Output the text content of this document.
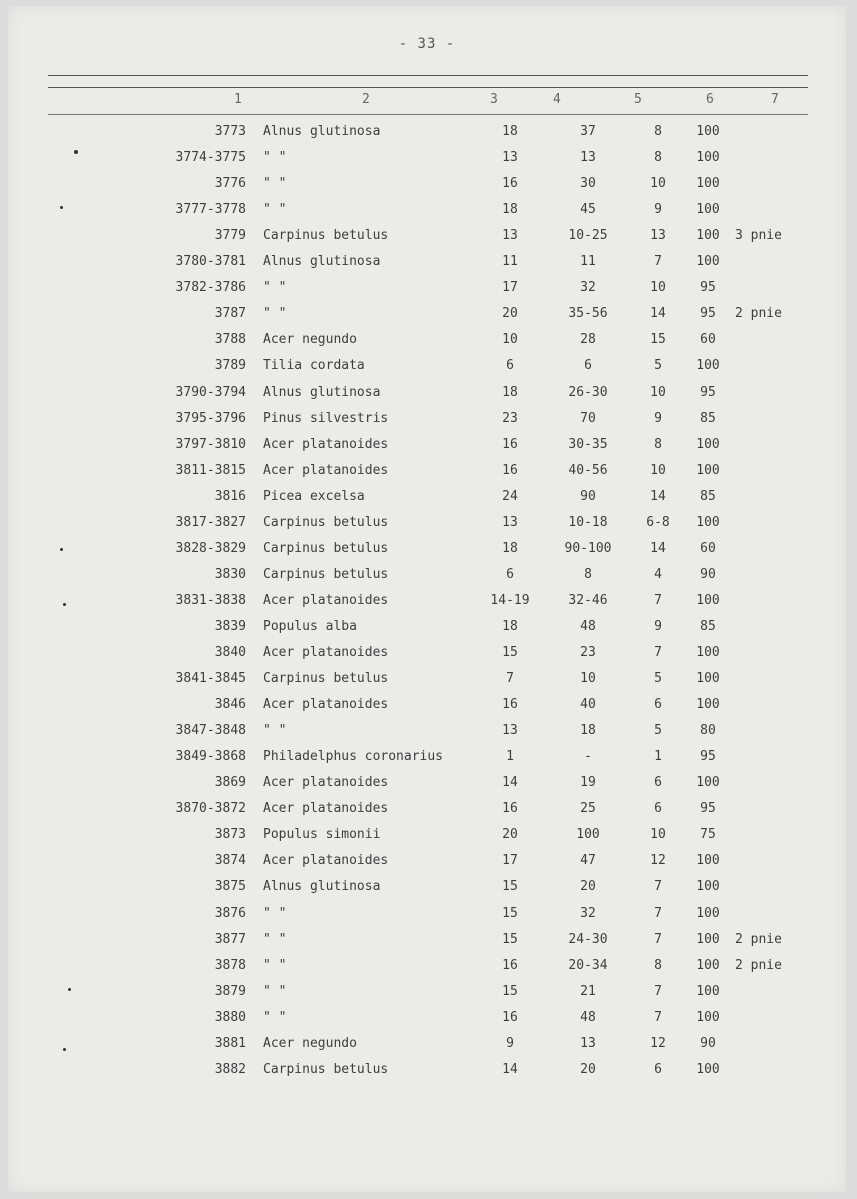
- 33 -
1	2	3	4	5	6	7
3773 Alnus glutinosa	18	37	8	100
3774-3775 " "	13	13	8	100
3776 " "	16	30	10	100
3777-3778 " "	18	45	9	100
3779 Carpinus betulus	13	10-25	13	100	3 pnie
3780-3781 Alnus glutinosa	11	11	7	100
3782-3786 " "	17	32	10	95
3787 " "	20	35-56	14	95	2 pnie
3788 Acer negundo	10	28	15	60
3789 Tilia cordata	6	6	5	100
3790-3794 Alnus glutinosa	18	26-30	10	95
3795-3796 Pinus silvestris	23	70	9	85
3797-3810 Acer platanoides	16	30-35	8	100
3811-3815 Acer platanoides	16	40-56	10	100
3816 Picea excelsa	24	90	14	85
3817-3827 Carpinus betulus	13	10-18	6-8	100
3828-3829 Carpinus betulus	18	90-100	14	60
3830 Carpinus betulus	6	8	4	90
3831-3838 Acer platanoides	14-19	32-46	7	100
3839 Populus alba	18	48	9	85
3840 Acer platanoides	15	23	7	100
3841-3845 Carpinus betulus	7	10	5	100
3846 Acer platanoides	16	40	6	100
3847-3848 " "	13	18	5	80
3849-3868 Philadelphus coronarius	1	-	1	95
3869 Acer platanoides	14	19	6	100
3870-3872 Acer platanoides	16	25	6	95
3873 Populus simonii	20	100	10	75
3874 Acer platanoides	17	47	12	100
3875 Alnus glutinosa	15	20	7	100
3876 " "	15	32	7	100
3877 " "	15	24-30	7	100	2 pnie
3878 " "	16	20-34	8	100	2 pnie
3879 " "	15	21	7	100
3880 " "	16	48	7	100
3881 Acer negundo	9	13	12	90
3882 Carpinus betulus	14	20	6	100
